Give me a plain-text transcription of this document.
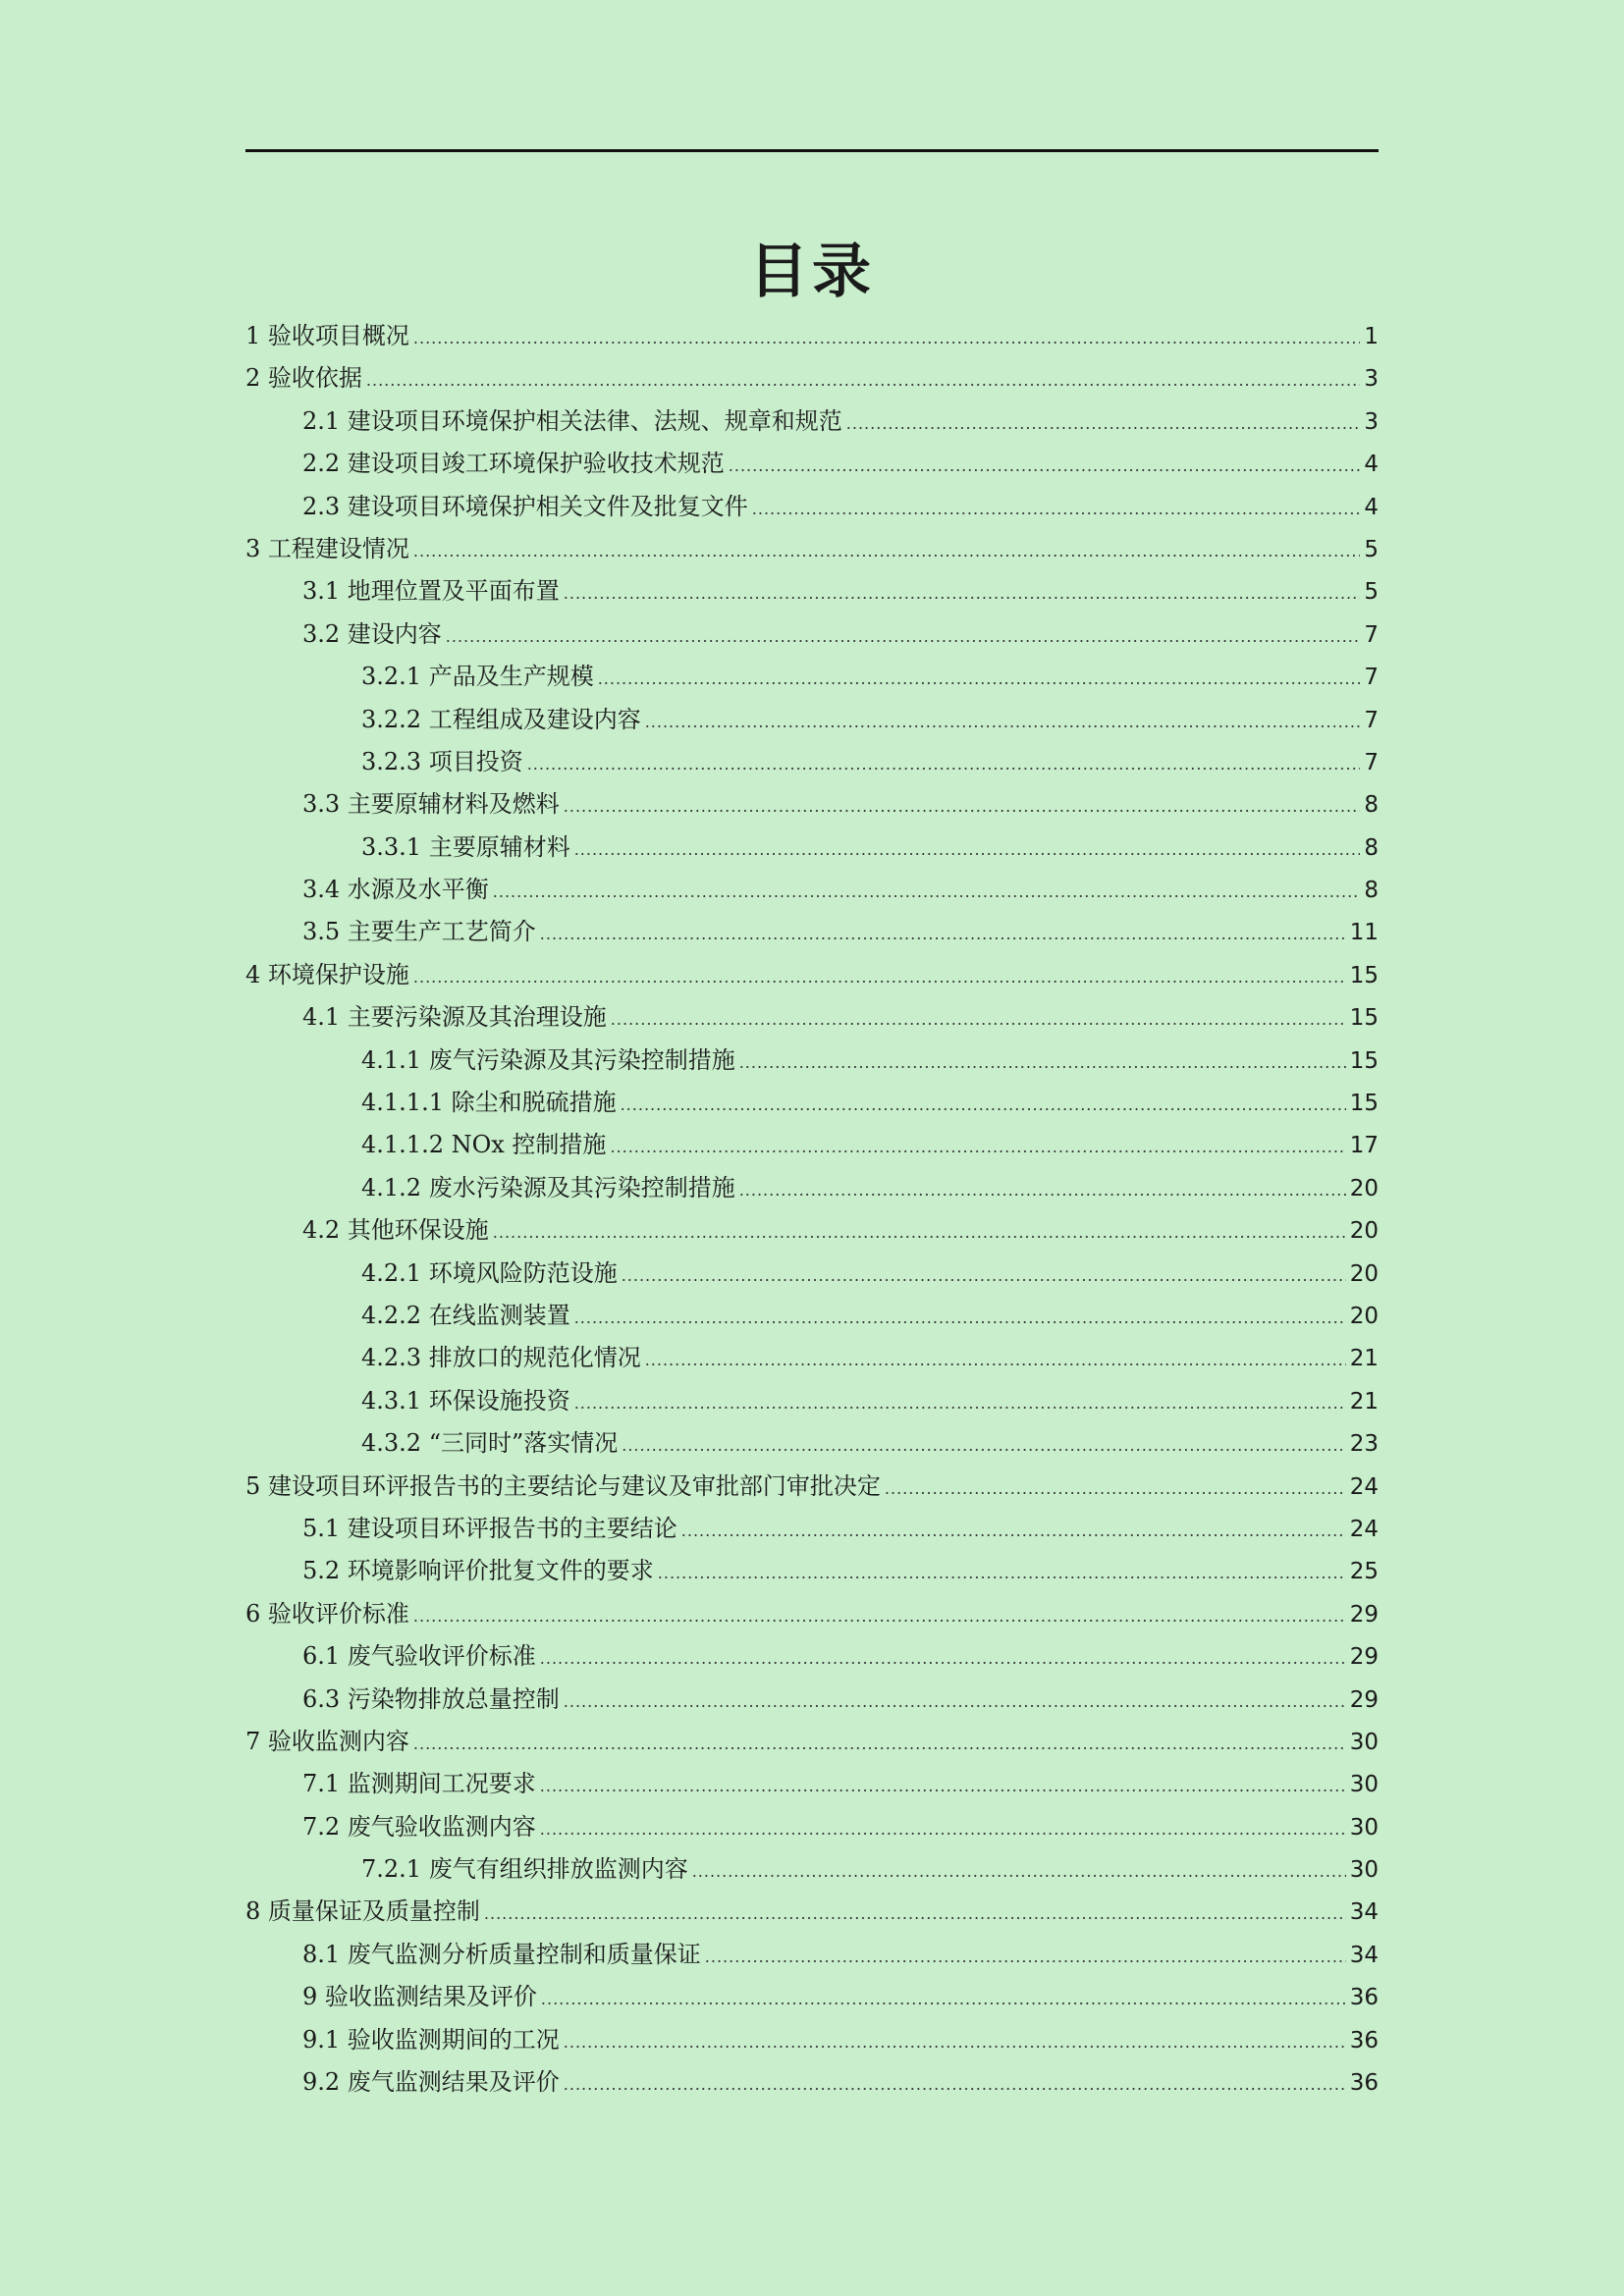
目录
1 验收项目概况 .....	1
2 验收依据 .....	3
2.1 建设项目环境保护相关法律、法规、规章和规范 .....	3
2.2 建设项目竣工环境保护验收技术规范 .....	4
2.3 建设项目环境保护相关文件及批复文件 .....	4
3 工程建设情况 .....	5
3.1 地理位置及平面布置 .....	5
3.2 建设内容 .....	7
3.2.1 产品及生产规模 .....	7
3.2.2 工程组成及建设内容 .....	7
3.2.3 项目投资 .....	7
3.3 主要原辅材料及燃料 .....	8
3.3.1 主要原辅材料 .....	8
3.4 水源及水平衡 .....	8
3.5 主要生产工艺简介 .....	11
4 环境保护设施 .....	15
4.1 主要污染源及其治理设施 .....	15
4.1.1 废气污染源及其污染控制措施 .....	15
4.1.1.1 除尘和脱硫措施 .....	15
4.1.1.2 NOx 控制措施 .....	17
4.1.2 废水污染源及其污染控制措施 .....	20
4.2 其他环保设施 .....	20
4.2.1 环境风险防范设施 .....	20
4.2.2 在线监测装置 .....	20
4.2.3 排放口的规范化情况 .....	21
4.3.1 环保设施投资 .....	21
4.3.2 “三同时”落实情况 .....	23
5 建设项目环评报告书的主要结论与建议及审批部门审批决定 .....	24
5.1 建设项目环评报告书的主要结论 .....	24
5.2 环境影响评价批复文件的要求 .....	25
6 验收评价标准 .....	29
6.1 废气验收评价标准 .....	29
6.3 污染物排放总量控制 .....	29
7 验收监测内容 .....	30
7.1 监测期间工况要求 .....	30
7.2 废气验收监测内容 .....	30
7.2.1 废气有组织排放监测内容 .....	30
8 质量保证及质量控制 .....	34
8.1 废气监测分析质量控制和质量保证 .....	34
9 验收监测结果及评价 .....	36
9.1 验收监测期间的工况 .....	36
9.2 废气监测结果及评价 .....	36
